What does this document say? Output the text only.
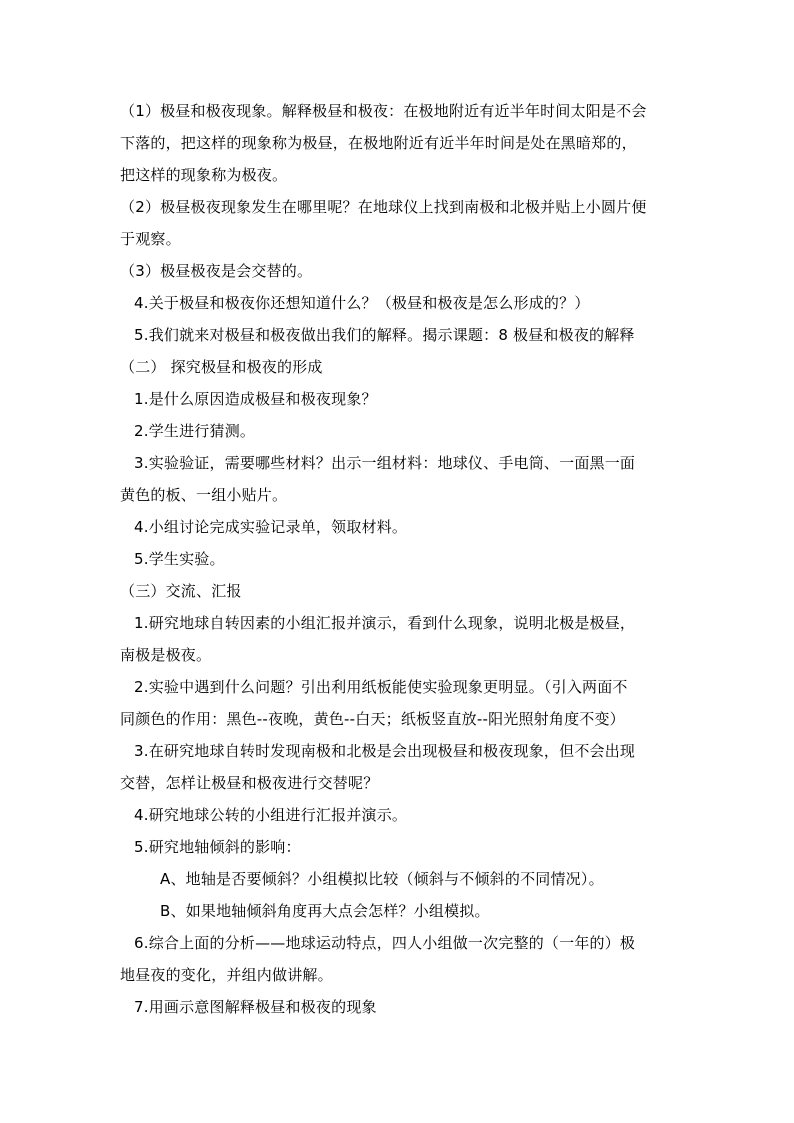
（1）极昼和极夜现象。解释极昼和极夜：在极地附近有近半年时间太阳是不会
下落的，把这样的现象称为极昼，在极地附近有近半年时间是处在黑暗郑的，
把这样的现象称为极夜。
（2）极昼极夜现象发生在哪里呢？在地球仪上找到南极和北极并贴上小圆片便
于观察。
（3）极昼极夜是会交替的。
4.关于极昼和极夜你还想知道什么？（极昼和极夜是怎么形成的？）
5.我们就来对极昼和极夜做出我们的解释。揭示课题：8 极昼和极夜的解释
（二） 探究极昼和极夜的形成
1.是什么原因造成极昼和极夜现象？
2.学生进行猜测。
3.实验验证，需要哪些材料？出示一组材料：地球仪、手电筒、一面黑一面
黄色的板、一组小贴片。
4.小组讨论完成实验记录单，领取材料。
5.学生实验。
（三）交流、汇报
1.研究地球自转因素的小组汇报并演示，看到什么现象，说明北极是极昼，
南极是极夜。
2.实验中遇到什么问题？引出利用纸板能使实验现象更明显。（引入两面不
同颜色的作用：黑色--夜晚，黄色--白天；纸板竖直放--阳光照射角度不变）
3.在研究地球自转时发现南极和北极是会出现极昼和极夜现象，但不会出现
交替，怎样让极昼和极夜进行交替呢？
4.研究地球公转的小组进行汇报并演示。
5.研究地轴倾斜的影响：
A、地轴是否要倾斜？小组模拟比较（倾斜与不倾斜的不同情况）。
B、如果地轴倾斜角度再大点会怎样？小组模拟。
6.综合上面的分析——地球运动特点，四人小组做一次完整的（一年的）极
地昼夜的变化，并组内做讲解。
7.用画示意图解释极昼和极夜的现象
